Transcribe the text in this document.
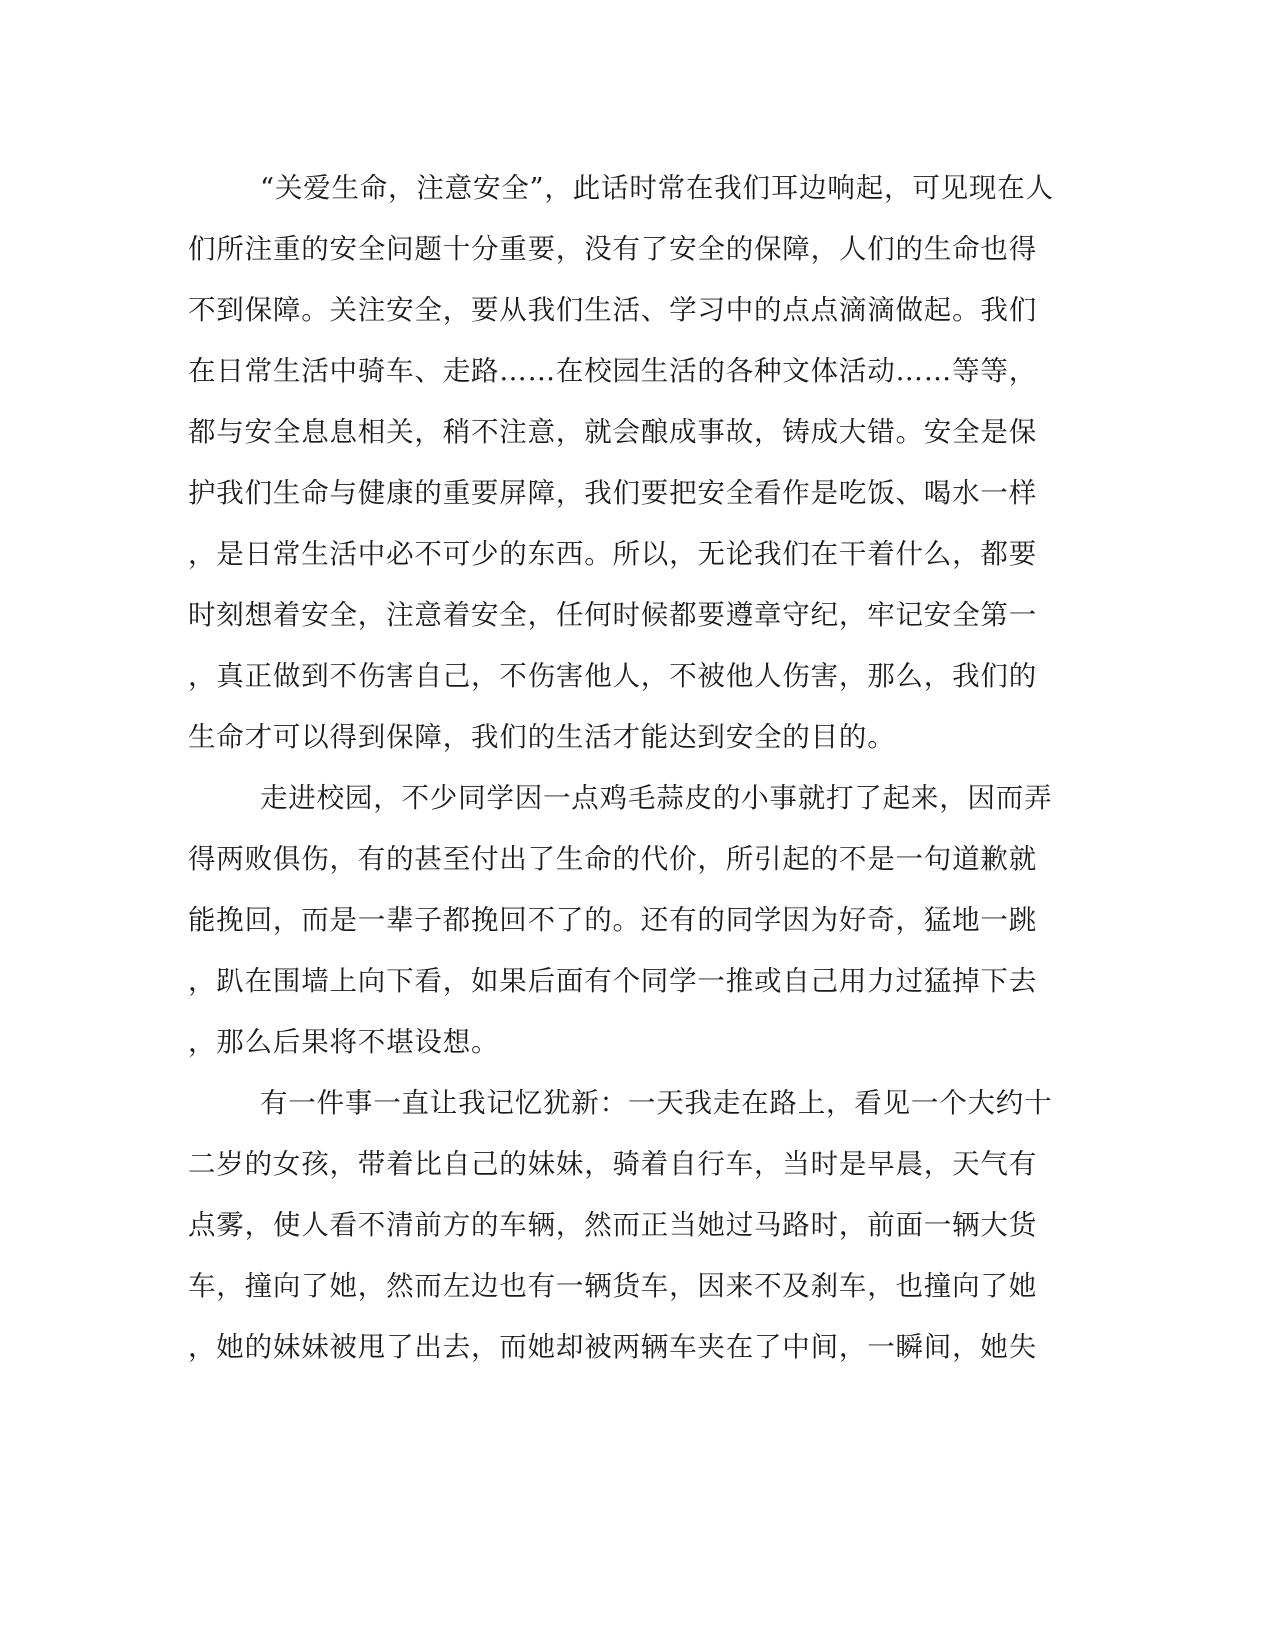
“关爱生命，注意安全”，此话时常在我们耳边响起，可见现在人
们所注重的安全问题十分重要，没有了安全的保障，人们的生命也得
不到保障。关注安全，要从我们生活、学习中的点点滴滴做起。我们
在日常生活中骑车、走路……在校园生活的各种文体活动……等等，
都与安全息息相关，稍不注意，就会酿成事故，铸成大错。安全是保
护我们生命与健康的重要屏障，我们要把安全看作是吃饭、喝水一样
，是日常生活中必不可少的东西。所以，无论我们在干着什么，都要
时刻想着安全，注意着安全，任何时候都要遵章守纪，牢记安全第一
，真正做到不伤害自己，不伤害他人，不被他人伤害，那么，我们的
生命才可以得到保障，我们的生活才能达到安全的目的。
走进校园，不少同学因一点鸡毛蒜皮的小事就打了起来，因而弄
得两败俱伤，有的甚至付出了生命的代价，所引起的不是一句道歉就
能挽回，而是一辈子都挽回不了的。还有的同学因为好奇，猛地一跳
，趴在围墙上向下看，如果后面有个同学一推或自己用力过猛掉下去
，那么后果将不堪设想。
有一件事一直让我记忆犹新：一天我走在路上，看见一个大约十
二岁的女孩，带着比自己的妹妹，骑着自行车，当时是早晨，天气有
点雾，使人看不清前方的车辆，然而正当她过马路时，前面一辆大货
车，撞向了她，然而左边也有一辆货车，因来不及刹车，也撞向了她
，她的妹妹被甩了出去，而她却被两辆车夹在了中间，一瞬间，她失
